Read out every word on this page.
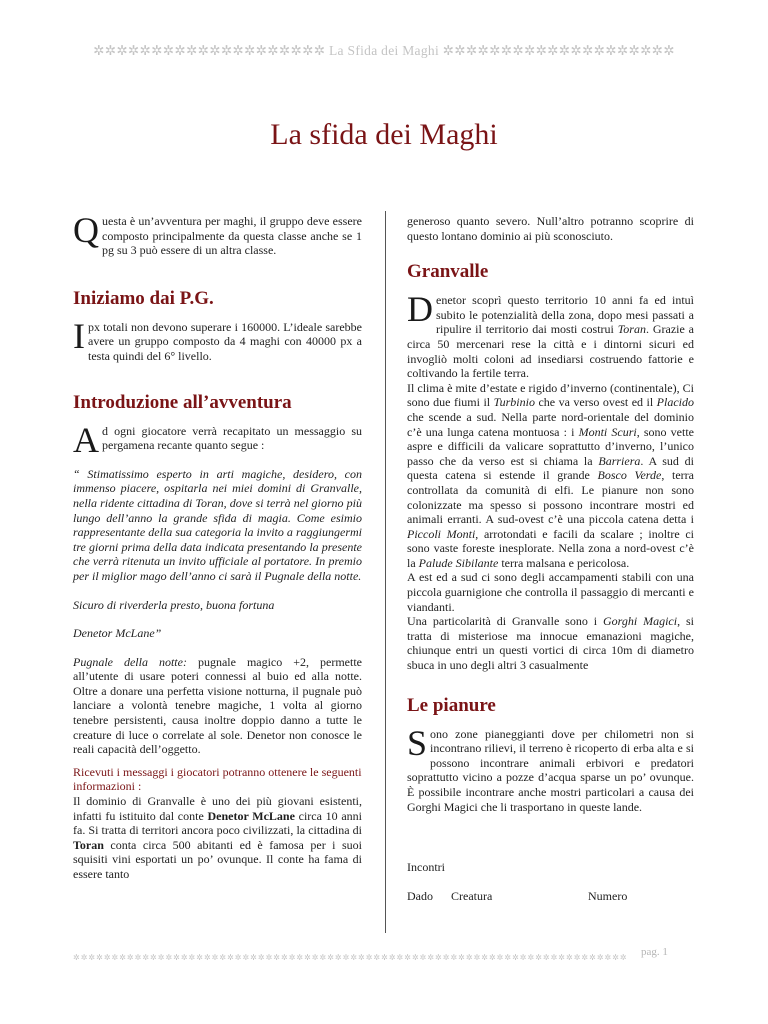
✲✲✲✲✲✲✲✲✲✲✲✲✲✲✲✲✲✲✲✲ La Sfida dei Maghi ✲✲✲✲✲✲✲✲✲✲✲✲✲✲✲✲✲✲✲✲
La sfida dei Maghi

Questa è un’avventura per maghi, il gruppo deve essere composto principalmente da questa classe anche se 1 pg su 3 può essere di un altra classe.

Iniziamo dai P.G.

Ipx totali non devono superare i 160000. L’ideale sarebbe avere un gruppo composto da 4 maghi con 40000 px a testa quindi del 6° livello.

Introduzione all’avventura

Ad ogni giocatore verrà recapitato un messaggio su pergamena recante quanto segue :

“ Stimatissimo esperto in arti magiche, desidero, con immenso piacere, ospitarla nei miei domini di Granvalle, nella ridente cittadina di Toran, dove si terrà nel giorno più lungo dell’anno la grande sfida di magia. Come esimio rappresentante della sua categoria la invito a raggiungermi tre giorni prima della data indicata presentando la presente che verrà ritenuta un invito ufficiale al portatore. In premio per il miglior mago dell’anno ci sarà il Pugnale della notte.

Sicuro di riverderla presto, buona fortuna

Denetor McLane”

Pugnale della notte: pugnale magico +2, permette all’utente di usare poteri connessi al buio ed alla notte. Oltre a donare una perfetta visione notturna, il pugnale può lanciare a volontà tenebre magiche, 1 volta al giorno tenebre persistenti, causa inoltre doppio danno a tutte le creature di luce o correlate al sole. Denetor non conosce le reali capacità dell’oggetto.

Ricevuti i messaggi i giocatori potranno ottenere le seguenti informazioni :

Il dominio di Granvalle è uno dei più giovani esistenti, infatti fu istituito dal conte Denetor McLane circa 10 anni fa. Si tratta di territori ancora poco civilizzati, la cittadina di Toran conta circa 500 abitanti ed è famosa per i suoi squisiti vini esportati un po’ ovunque. Il conte ha fama di essere tanto

generoso quanto severo. Null’altro potranno scoprire di questo lontano dominio ai più sconosciuto.

Granvalle

Denetor scoprì questo territorio 10 anni fa ed intuì subito le potenzialità della zona, dopo mesi passati a ripulire il territorio dai mosti costrui Toran. Grazie a circa 50 mercenari rese la città e i dintorni sicuri ed invogliò molti coloni ad insediarsi costruendo fattorie e coltivando la fertile terra.

Il clima è mite d’estate e rigido d’inverno (continentale), Ci sono due fiumi il Turbinio che va verso ovest ed il Placido che scende a sud. Nella parte nord-orientale del dominio c’è una lunga catena montuosa : i Monti Scuri, sono vette aspre e difficili da valicare soprattutto d’inverno, l’unico passo che da verso est si chiama la Barriera. A sud di questa catena si estende il grande Bosco Verde, terra controllata da comunità di elfi. Le pianure non sono colonizzate ma spesso si possono incontrare mostri ed animali erranti. A sud-ovest c’è una piccola catena detta i Piccoli Monti, arrotondati e facili da scalare ; inoltre ci sono vaste foreste inesplorate. Nella zona a nord-ovest c’è la Palude Sibilante terra malsana e pericolosa.

A est ed a sud ci sono degli accampamenti stabili con una piccola guarnigione che controlla il passaggio di mercanti e viandanti.

Una particolarità di Granvalle sono i Gorghi Magici, si tratta di misteriose ma innocue emanazioni magiche, chiunque entri un questi vortici di circa 10m di diametro sbuca in uno degli altri 3 casualmente

Le pianure

Sono zone pianeggianti dove per chilometri non si incontrano rilievi, il terreno è ricoperto di erba alta e si possono incontrare animali erbivori e predatori soprattutto vicino a pozze d’acqua sparse un po’ ovunque. È possibile incontrare anche mostri particolari a causa dei Gorghi Magici che li trasportano in queste lande.

Incontri

Dado Creatura	Numero
✲✲✲✲✲✲✲✲✲✲✲✲✲✲✲✲✲✲✲✲✲✲✲✲✲✲✲✲✲✲✲✲✲✲✲✲✲✲✲✲✲✲✲✲✲✲✲✲✲✲✲✲✲✲✲✲✲✲✲✲✲✲✲✲✲✲✲✲✲✲✲✲	pag. 1
